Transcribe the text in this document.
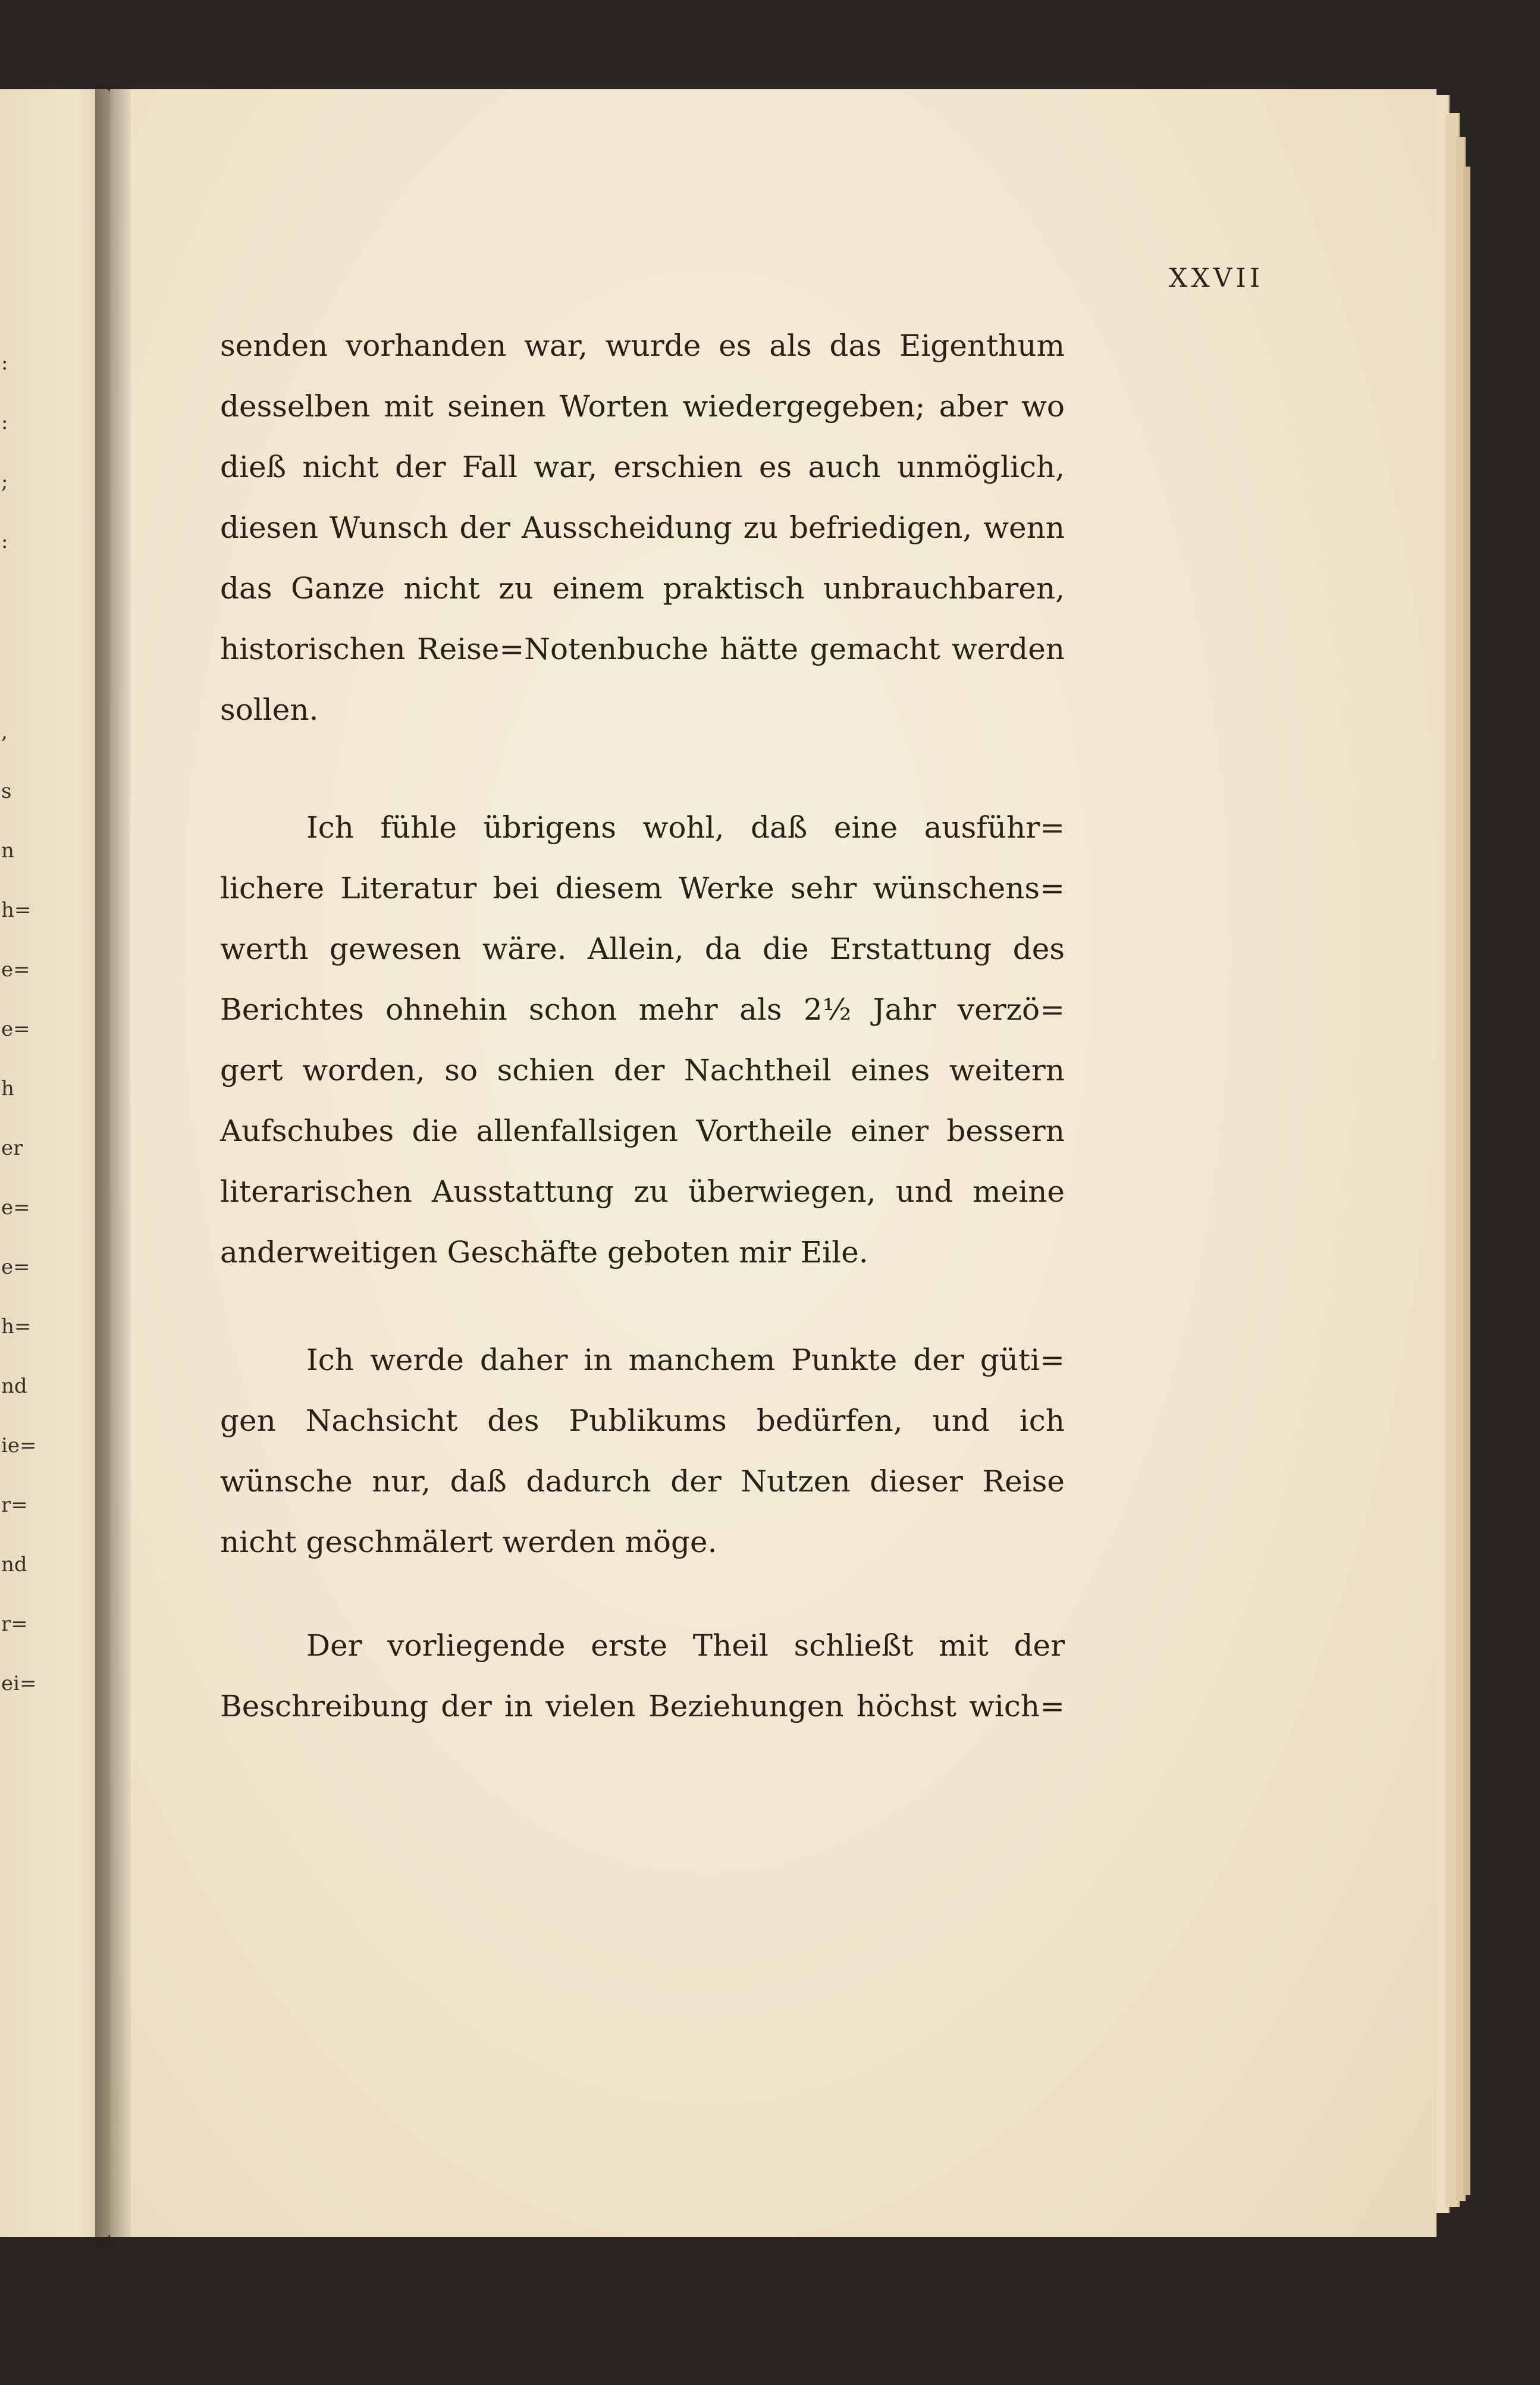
:
:
;
:
,
s
n
h=
e=
e=
h
er
e=
e=
h=
nd
ie=
r=
nd
r=
ei=
XXVII
senden vorhanden war, wurde es als das Eigenthum
desselben mit seinen Worten wiedergegeben; aber wo
dieß nicht der Fall war, erschien es auch unmöglich,
diesen Wunsch der Ausscheidung zu befriedigen, wenn
das Ganze nicht zu einem praktisch unbrauchbaren,
historischen Reise=Notenbuche hätte gemacht werden
sollen.
Ich fühle übrigens wohl, daß eine ausführ=
lichere Literatur bei diesem Werke sehr wünschens=
werth gewesen wäre. Allein, da die Erstattung des
Berichtes ohnehin schon mehr als 2½ Jahr verzö=
gert worden, so schien der Nachtheil eines weitern
Aufschubes die allenfallsigen Vortheile einer bessern
literarischen Ausstattung zu überwiegen, und meine
anderweitigen Geschäfte geboten mir Eile.
Ich werde daher in manchem Punkte der güti=
gen Nachsicht des Publikums bedürfen, und ich
wünsche nur, daß dadurch der Nutzen dieser Reise
nicht geschmälert werden möge.
Der vorliegende erste Theil schließt mit der
Beschreibung der in vielen Beziehungen höchst wich=
